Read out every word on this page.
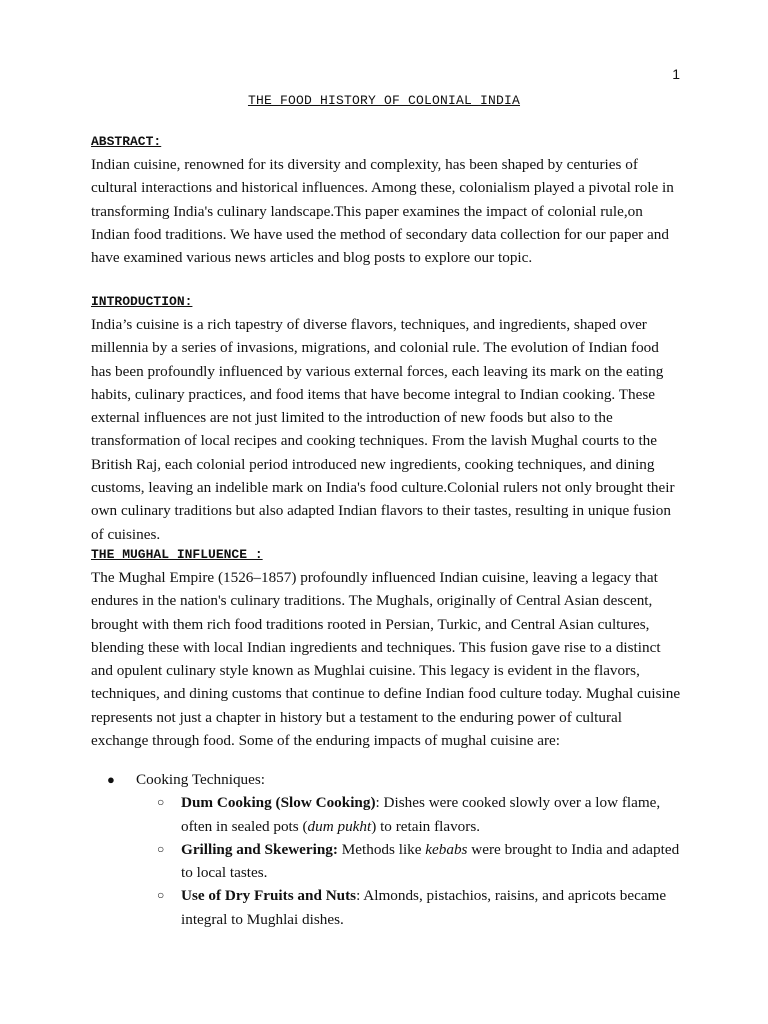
1
THE FOOD HISTORY OF COLONIAL INDIA
ABSTRACT:

Indian cuisine, renowned for its diversity and complexity, has been shaped by centuries of cultural interactions and historical influences. Among these, colonialism played a pivotal role in transforming India's culinary landscape.This paper examines the impact of colonial rule,on Indian food traditions. We have used the method of secondary data collection for our paper and have examined various news articles and blog posts to explore our topic.

INTRODUCTION:

India’s cuisine is a rich tapestry of diverse flavors, techniques, and ingredients, shaped over millennia by a series of invasions, migrations, and colonial rule. The evolution of Indian food has been profoundly influenced by various external forces, each leaving its mark on the eating habits, culinary practices, and food items that have become integral to Indian cooking. These external influences are not just limited to the introduction of new foods but also to the transformation of local recipes and cooking techniques. From the lavish Mughal courts to the British Raj, each colonial period introduced new ingredients, cooking techniques, and dining customs, leaving an indelible mark on India's food culture.Colonial rulers not only brought their own culinary traditions but also adapted Indian flavors to their tastes, resulting in unique fusion of cuisines.

THE MUGHAL INFLUENCE :

The Mughal Empire (1526–1857) profoundly influenced Indian cuisine, leaving a legacy that endures in the nation's culinary traditions. The Mughals, originally of Central Asian descent, brought with them rich food traditions rooted in Persian, Turkic, and Central Asian cultures, blending these with local Indian ingredients and techniques. This fusion gave rise to a distinct and opulent culinary style known as Mughlai cuisine. This legacy is evident in the flavors, techniques, and dining customs that continue to define Indian food culture today. Mughal cuisine represents not just a chapter in history but a testament to the enduring power of cultural exchange through food. Some of the enduring impacts of mughal cuisine are:

● Cooking Techniques:
○ Dum Cooking (Slow Cooking): Dishes were cooked slowly over a low flame, often in sealed pots (dum pukht) to retain flavors.
○ Grilling and Skewering: Methods like kebabs were brought to India and adapted to local tastes.
○ Use of Dry Fruits and Nuts: Almonds, pistachios, raisins, and apricots became integral to Mughlai dishes.
